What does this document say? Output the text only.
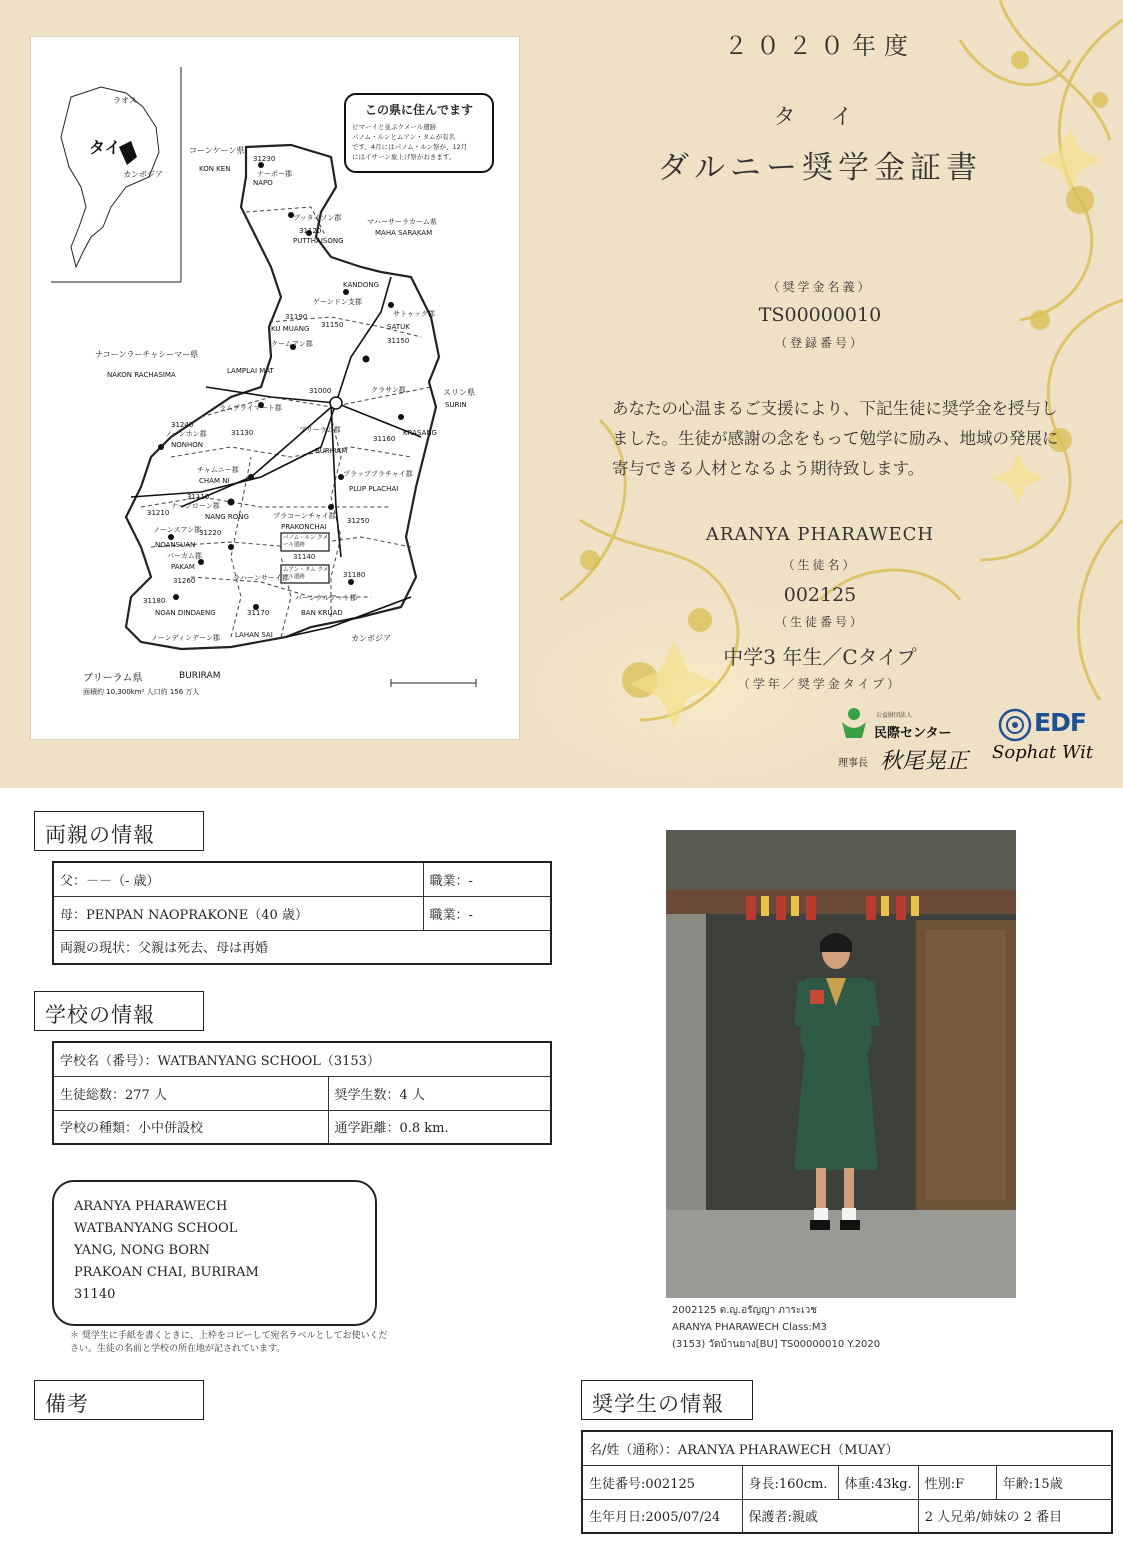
この県に住んでます
ピマーイと並ぶクメール遺跡
パノム・ルンとムアン・タムが有名
です。4月にはパノム・ルン祭が、12月
にはイサーン象上げ祭がおきます。
ラオス
タイ
カンボジア
コーンケーン県
KON KEN
マハーサーラカーム県
MAHA SARAKAM
ナコーンラーチャシーマー県
NAKON RACHASIMA
スリン県
SURIN
カンボジア
ブリーラム県	BURIRAM
面積約 10,300km² 人口約 156 万人
NAPO
31230
ナーポー郡
PUTTHAISONG
ブッタイソン郡
31120
KANDONG
ゲーンドン支郡
31150	SATUK
サトゥック郡
31150
KU MUANG
クームアン郡
31190
LAMPLAI MAT
ラムプライマート郡
31130	KRASANG
クラサン郡
31160
NONHON
ノーンホン郡
31240
CHAM NI
チャムニー郡
31110
BURIRAM
ブリーラム郡
31000
PLUP PLACHAI
プラッププラチャイ郡
31250
NANG RONG
31210
ナーンローン郡
PRAKONCHAI
プラコーンチャイ郡
31140
NOANSUAN
ノーンスアン郡
31220
PAKAM
パーカム郡
31260
LAHAN SAI
ラハーンサーイ郡
31170
NOAN DINDAENG
ノーンディンデーン郡
31180
BAN KRUAD
バーンクルアット郡
31180
パノム・ルン クメール遺跡
ムアン・タム クメール遺跡
２０２０年度
タ イ
ダルニー奨学金証書
（奨学金名義）
TS00000010
（登録番号）
あなたの心温まるご支援により、下記生徒に奨学金を授与しました。生徒が感謝の念をもって勉学に励み、地域の発展に寄与できる人材となるよう期待致します。
ARANYA PHARAWECH
（生徒名）
002125
（生徒番号）
中学3 年生／Cタイプ
（学年／奨学金タイプ）
公益財団法人
民際センター
理事長 秋尾晃正
EDF
Sophat Wit
両親の情報
父：－－（- 歳）	職業：-
母：PENPAN NAOPRAKONE（40 歳）	職業：-
両親の現状：父親は死去、母は再婚	
学校の情報
学校名（番号）：WATBANYANG SCHOOL（3153）	
生徒総数：277 人	奨学生数：4 人
学校の種類：小中併設校	通学距離：0.8 km.
ARANYA PHARAWECH
WATBANYANG SCHOOL
YANG, NONG BORN
PRAKOAN CHAI, BURIRAM
31140
＊ 奨学生に手紙を書くときに、上枠をコピーして宛名ラベルとしてお使いください。生徒の名前と学校の所在地が記されています。
2002125 ด.ญ.อรัญญา ภาระเวช
ARANYA PHARAWECH Class:M3
(3153) วัดบ้านยาง[BU] TS00000010 Y.2020
備考	奨学生の情報
名/姓（通称）：ARANYA PHARAWECH（MUAY）				
生徒番号:002125	身長:160cm.	体重:43kg.	性別:F	年齢:15歳
生年月日:2005/07/24	保護者:親戚		2 人兄弟/姉妹の 2 番目	
